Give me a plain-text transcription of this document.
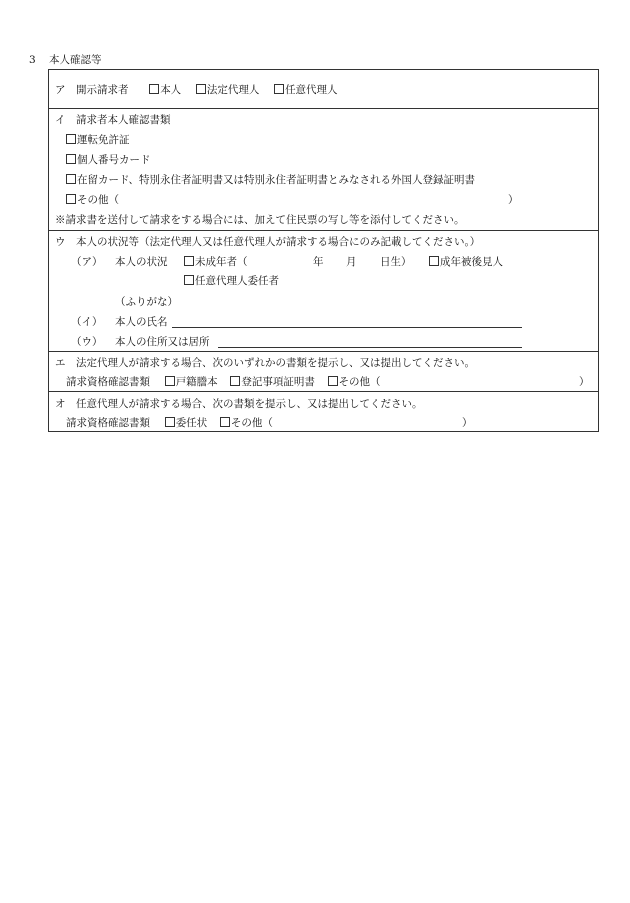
3 本人確認等
ア　開示請求者	本人 法定代理人 任意代理人
イ　請求者本人確認書類
運転免許証
個人番号カード
在留カード、特別永住者証明書又は特別永住者証明書とみなされる外国人登録証明書
その他（	）
※請求書を送付して請求をする場合には、加えて住民票の写し等を添付してください。
ウ　本人の状況等（法定代理人又は任意代理人が請求する場合にのみ記載してください。）
（ア） 本人の状況	未成年者（	年 月 日生）	成年被後見人
任意代理人委任者
（ふりがな）
（イ） 本人の氏名
（ウ） 本人の住所又は居所
エ　法定代理人が請求する場合、次のいずれかの書類を提示し、又は提出してください。
請求資格確認書類 戸籍謄本 登記事項証明書 その他（	）
オ　任意代理人が請求する場合、次の書類を提示し、又は提出してください。
請求資格確認書類 委任状 その他（	）
